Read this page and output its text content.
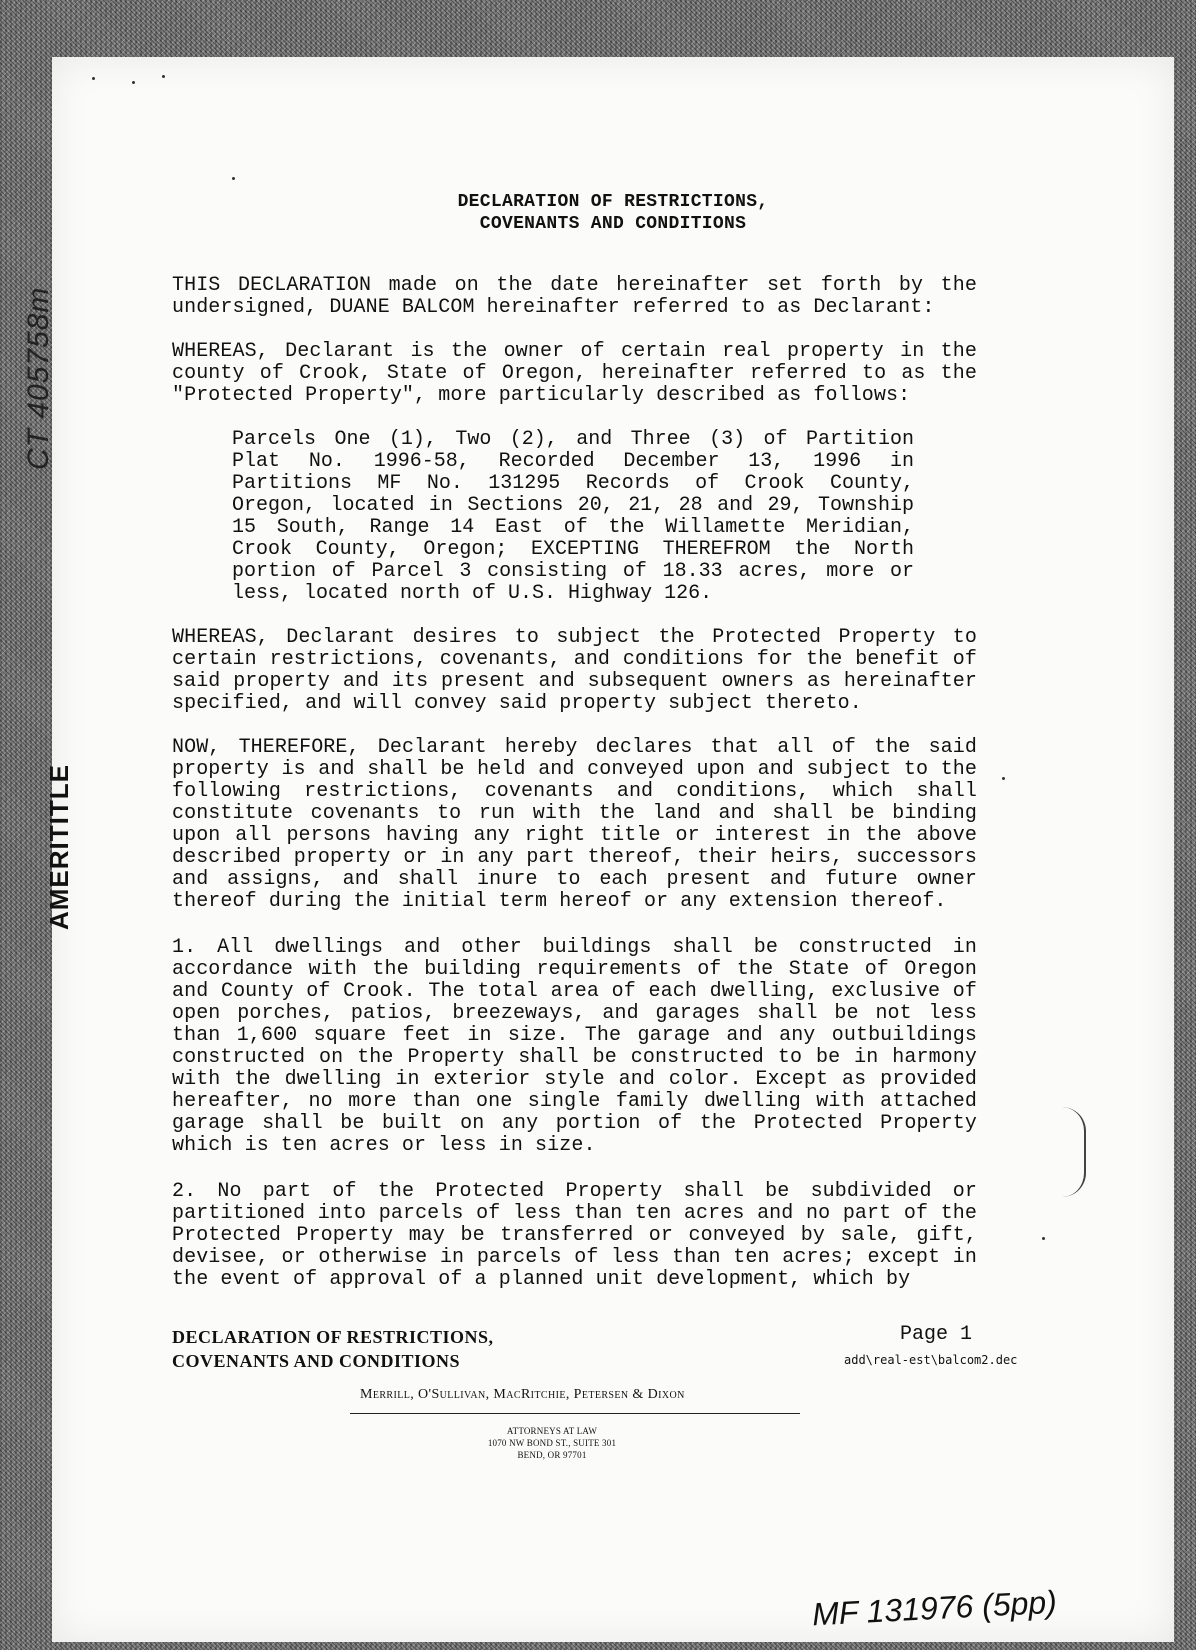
DECLARATION OF RESTRICTIONS,
COVENANTS AND CONDITIONS
THIS DECLARATION made on the date hereinafter set forth by the undersigned, DUANE BALCOM hereinafter referred to as Declarant:
WHEREAS, Declarant is the owner of certain real property in the county of Crook, State of Oregon, hereinafter referred to as the "Protected Property", more particularly described as follows:
Parcels One (1), Two (2), and Three (3) of Partition Plat No. 1996-58, Recorded December 13, 1996 in Partitions MF No. 131295 Records of Crook County, Oregon, located in Sections 20, 21, 28 and 29, Township 15 South, Range 14 East of the Willamette Meridian, Crook County, Oregon; EXCEPTING THEREFROM the North portion of Parcel 3 consisting of 18.33 acres, more or less, located north of U.S. Highway 126.
WHEREAS, Declarant desires to subject the Protected Property to certain restrictions, covenants, and conditions for the benefit of said property and its present and subsequent owners as hereinafter specified, and will convey said property subject thereto.
NOW, THEREFORE, Declarant hereby declares that all of the said property is and shall be held and conveyed upon and subject to the following restrictions, covenants and conditions, which shall constitute covenants to run with the land and shall be binding upon all persons having any right title or interest in the above described property or in any part thereof, their heirs, successors and assigns, and shall inure to each present and future owner thereof during the initial term hereof or any extension thereof.
1. All dwellings and other buildings shall be constructed in accordance with the building requirements of the State of Oregon and County of Crook. The total area of each dwelling, exclusive of open porches, patios, breezeways, and garages shall be not less than 1,600 square feet in size. The garage and any outbuildings constructed on the Property shall be constructed to be in harmony with the dwelling in exterior style and color. Except as provided hereafter, no more than one single family dwelling with attached garage shall be built on any portion of the Protected Property which is ten acres or less in size.
2. No part of the Protected Property shall be subdivided or partitioned into parcels of less than ten acres and no part of the Protected Property may be transferred or conveyed by sale, gift, devisee, or otherwise in parcels of less than ten acres; except in the event of approval of a planned unit development, which by
DECLARATION OF RESTRICTIONS,
COVENANTS AND CONDITIONS
Page 1
add\real-est\balcom2.dec
Merrill, O'Sullivan, MacRitchie, Petersen & Dixon
ATTORNEYS AT LAW
1070 NW BOND ST., SUITE 301
BEND, OR 97701
MF 131976 (5pp)
CT 405758m
AMERITITLE
